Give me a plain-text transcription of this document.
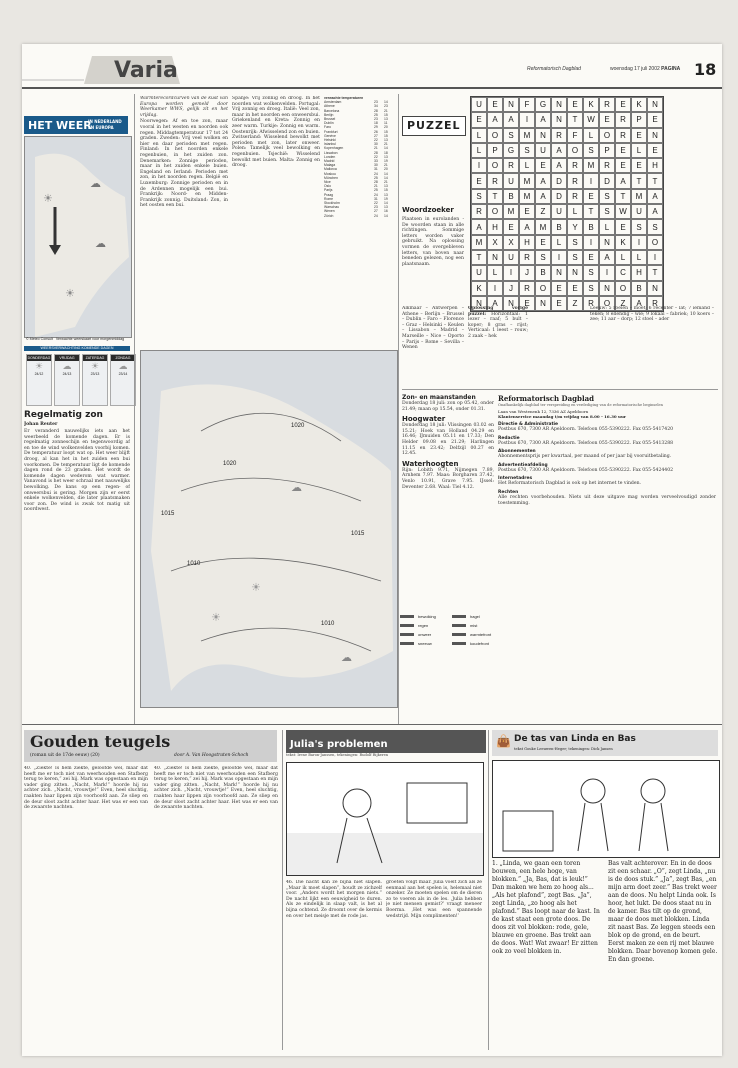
Varia	Reformatorisch Dagblad	woensdag 17 juli 2002 PAGINA 18
HET WEER
IN NEDERLAND
EN EUROPA
☀
☁
☁
☀
© Meteo Consult Verwachte weerskaart voor morgenmiddag
WEERSVERWACHTING KOMENDE DAGEN
DONDERDAG
☀
24/12
VRIJDAG
☁
24/13
ZATERDAG
☀
23/13
ZONDAG
☁
23/14
Regelmatig zon
Johan Reuter
Er veranderd nauwelijks iets aan het weerbeeld de komende dagen. Er is regelmatig zonneschijn en tegenwoordig af en toe de wind wolkenvelden voorbij komen. De temperatuur loopt wat op. Het weer blijft droog, al kan het in het zuiden een bui voorkomen. De temperatuur ligt de komende dagen rond de 23 graden. Het wordt de komende dagen wederom wat warmer. Vanavond is het weer schraal met nauwelijks bewolking. De kans op een regen- of onweersbui is gering. Morgen zijn er eerst enkele wolkenvelden, die later plaatsmaken voor zon. De wind is zwak tot matig uit noordwest.

Warmterecordcurven van de kust van Europa worden gemeld door Weerkamer WWS, gelijk zit en het vrijdag.

Noorwegen: Af en toe zon, maar vooral in het westen en noorden ook regen. Middagtemperatuur 17 tot 24 graden. Zweden: Vrij veel wolken en hier en daar perioden met regen. Finland: In het noorden enkele regenbuien, in het zuiden zon. Denemarken: Zonnige perioden, maar in het zuiden enkele buien. Engeland en Ierland: Perioden met zon, in het noorden regen. België en Luxemburg: Zonnige perioden en in de Ardennen mogelijk een bui. Frankrijk: Noord- en Midden-Frankrijk zonnig. Duitsland: Zon, in het oosten een bui.

Spanje: Vrij zonnig en droog. In het noorden wat wolkenvelden. Portugal: Vrij zonnig en droog. Italië: Veel zon, maar in het noorden een onweersbui. Griekenland en Kreta: Zonnig en zeer warm. Turkije: Zonnig en warm. Oostenrijk: Afwisselend zon en buien. Zwitserland: Wisselend bewolkt met perioden met zon, later onweer. Polen: Tamelijk veel bewolking en regenbuien. Tsjechië: Wisselend bewolkt met buien. Malta: Zonnig en droog.

verwachte temperaturen
Amsterdam	23	14
Athene	34	23
Barcelona	28	21
Berlijn	25	15
Brussel	23	13
Dublin	18	11
Faro	29	20
Frankfurt	26	15
Genève	27	15
Helsinki	22	13
Istanbul	30	21
Kopenhagen	21	14
Lissabon	28	18
Londen	22	13
Madrid	33	19
Malaga	30	21
Mallorca	31	20
Moskou	24	14
München	25	14
Nice	28	21
Oslo	21	13
Parijs	25	15
Praag	24	13
Rome	31	19
Stockholm	22	14
Warschau	23	13
Wenen	27	16
Zürich	24	14
1020
1020
1015
1010
1015
1010
☀
☁
☀
☁
bewolking
regen
onweer
sneeuw
hagel
mist
warmtefront
koudefront
PUZZEL
U	E	N	F	G	N	E	K	R	E	K	N
E	A	A	I	A	N	T	W	E	R	P	E
L	O	S	M	N	R	F	L	O	R	E	N
L	P	G	S	U	A	O	S	P	E	L	E
I	O	R	L	E	A	R	M	R	E	E	H
E	R	U	M	A	D	R	I	D	A	T	T
S	T	B	M	A	D	R	E	S	T	M	A
R	O	M	E	Z	U	L	T	S	W	U	A
A	H	E	A	M	B	Y	B	L	E	S	S
M	X	X	H	E	L	S	I	N	K	I	O
T	N	U	R	S	I	S	E	A	L	L	I
U	L	I	J	B	N	N	S	I	C	H	T
K	I	J	R	O	E	E	S	N	O	B	N
N	A	N	E	N	E	Z	R	O	Z	A	R
Woordzoeker
Plaatsen in eurolanden - De woorden staan in alle richtingen. Sommige letters worden vaker gebruikt. Na oplossing vormen de overgebleven letters, van boven naar beneden gelezen, nog een plaatsnaam.
Alkmaar – Antwerpen – Athene – Berlijn – Brussel – Dublin – Faro – Florence – Graz – Helsinki – Keulen – Lissabon – Madrid – Marseille – Nice – Oporto – Parijs – Rome – Sevilla – Wenen
Oplossing vorige puzzel: Horizontaal: 1 lezer – raaf; 5 bult – koper; 8 gras – rijst; Verticaal: 1 leest – rouw; 2 zaak – hek
Leeuw: 5 roeien – moet; 6 recenter – lat; 7 iemand – teken; 8 ellendig – wie; 9 lokaal – fabriek; 10 koers – zee; 11 aar – dorp; 12 stoel – ader
Zon- en maanstanden
Donderdag 18 juli: zon op 05.42, onder 21.49; maan op 15.54, onder 01.31.
Hoogwater
Donderdag 18 juli: Vlissingen 03.02 en 15.21; Hoek van Holland 04.29 en 16.46; IJmuiden 05.11 en 17.33; Den Helder 09.08 en 21.29; Harlingen 11.15 en 23.42; Delfzijl 00.27 en 12.45.
Waterhoogten
Rijn: Lobith 9.71, Nijmegen 7.89, Arnhem 7.97. Maas: Borgharen 37.42, Venlo 10.91, Grave 7.95. IJssel: Deventer 2.68. Waal: Tiel 4.12.
Reformatorisch Dagblad
Onafhankelijk dagblad ter verspreiding en verdediging van de reformatorische beginselen
Laan van Westenenk 12, 7336 AZ Apeldoorn
Klantenservice maandag t/m vrijdag van 8.00 - 16.30 uur
Directie & Administratie
Postbus 670, 7300 AR Apeldoorn. Telefoon 055-5390222. Fax 055-5417420
Redactie
Postbus 670, 7300 AR Apeldoorn. Telefoon 055-5390222. Fax 055-5413288
Abonnementen
Abonnementsprijs per kwartaal, per maand of per jaar bij vooruitbetaling.
Advertentieafdeling
Postbus 670, 7300 AR Apeldoorn. Telefoon 055-5390222. Fax 055-5424402
Internetadres
Het Reformatorisch Dagblad is ook op het internet te vinden.
Rechten
Alle rechten voorbehouden. Niets uit deze uitgave mag worden verveelvoudigd zonder toestemming.
Gouden teugels
(roman uit de 17de eeuw) (20)	door A. Van Hoogstraten-Schoch
40. „Ziekte! Is hem ziekte, geloofde wel, maar dat heeft me er toch niet van weerhouden een Stafberg terug te keren,” zei hij. Mark was opgestaan en mijn vader ging zitten. „Nacht, Mark!” hoorde hij nu achter zich. „Nacht, vrouwtje!” Even, heel sluchtig, raakten haar lippen zijn voorhoofd aan. Ze sliep en de deur sloot zacht achter haar. Het was er een van de zwaarste nachten.
40. „Ziekte! Is hem ziekte, geloofde wel, maar dat heeft me er toch niet van weerhouden een Stafberg terug te keren,” zei hij. Mark was opgestaan en mijn vader ging zitten. „Nacht, Mark!” hoorde hij nu achter zich. „Nacht, vrouwtje!” Even, heel sluchtig, raakten haar lippen zijn voorhoofd aan. Ze sliep en de deur sloot zacht achter haar. Het was er een van de zwaarste nachten.
Julia's problemen
tekst: Irene Baron-Janssen, tekeningen: Rudolf Rijkeren
46. Die nacht kan ze bijna niet slapen. „Maar ik moet slapen”, houdt ze zichzelf voor. „Anders wordt het morgen niets.” De nacht lijkt een eeuwigheid te duren. Als ze eindelijk in slaap valt, is het al bijna ochtend. Ze droomt over de kermis en over het meisje met de rode jas.
groeten volgt maar. Julia voelt zich als ze eenmaal aan het spelen is, helemaal niet onzeker. Ze moeten spelen om de dieren zo te voeren als in de les. ‚Julia hebben je niet mensen gemist?’ vraagt meneer Boerma. ‚Het was een spannende wedstrijd. Mijn complimenten!’
👜 De tas van Linda en Bas
tekst Gouke Leeuwen-Heger; tekeningen: Dick Jansen
1. „Linda, we gaan een toren bouwen, een hele hoge, van blokken.” „Ja, Bas, dat is leuk!” Dan maken we hem zo hoog als... „Als het plafond”, zegt Bas. „Ja”, zegt Linda, „zo hoog als het plafond.” Bas loopt naar de kast. In de kast staat een grote doos. De doos zit vol blokken: rode, gele, blauwe en groene. Bas trekt aan de doos. Wat! Wat zwaar! Er zitten ook zo veel blokken in.
Bas valt achterover. En in de doos zit een schaar. „O”, zegt Linda, „nu is de doos stuk.” „Ja”, zegt Bas, „en mijn arm doet zeer.” Bas trekt weer aan de doos. Nu helpt Linda ook. Is hoor, het lukt. De doos staat nu in de kamer. Bas tilt op de grond, maar de doos met blokken. Linda zit naast Bas. Ze leggen steeds een blok op de grond, en de beurt. Eerst maken ze een rij met blauwe blokken. Daar bovenop komen gele. En dan groene.
